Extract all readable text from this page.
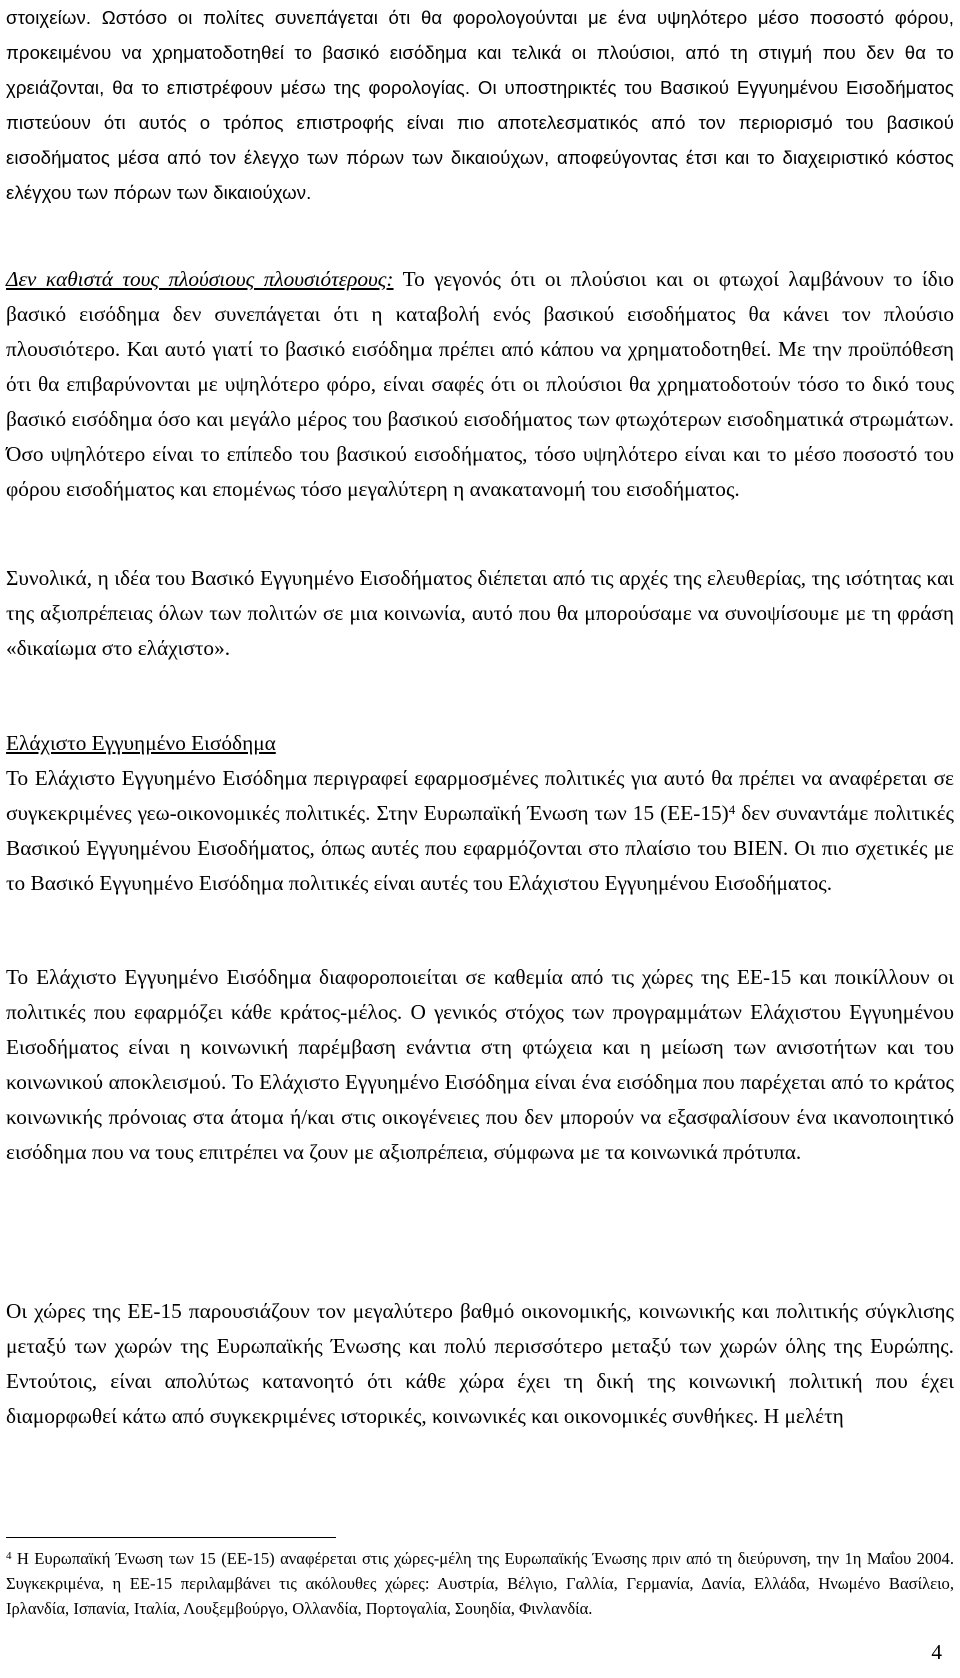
στοιχείων. Ωστόσο οι πολίτες συνεπάγεται ότι θα φορολογούνται με ένα υψηλότερο μέσο ποσοστό φόρου, προκειμένου να χρηματοδοτηθεί το βασικό εισόδημα και τελικά οι πλούσιοι, από τη στιγμή που δεν θα το χρειάζονται, θα το επιστρέφουν μέσω της φορολογίας. Οι υποστηρικτές του Βασικού Εγγυημένου Εισοδήματος πιστεύουν ότι αυτός ο τρόπος επιστροφής είναι πιο αποτελεσματικός από τον περιορισμό του βασικού εισοδήματος μέσα από τον έλεγχο των πόρων των δικαιούχων, αποφεύγοντας έτσι και το διαχειριστικό κόστος ελέγχου των πόρων των δικαιούχων.

Δεν καθιστά τους πλούσιους πλουσιότερους: Το γεγονός ότι οι πλούσιοι και οι φτωχοί λαμβάνουν το ίδιο βασικό εισόδημα δεν συνεπάγεται ότι η καταβολή ενός βασικού εισοδήματος θα κάνει τον πλούσιο πλουσιότερο. Και αυτό γιατί το βασικό εισόδημα πρέπει από κάπου να χρηματοδοτηθεί. Με την προϋπόθεση ότι θα επιβαρύνονται με υψηλότερο φόρο, είναι σαφές ότι οι πλούσιοι θα χρηματοδοτούν τόσο το δικό τους βασικό εισόδημα όσο και μεγάλο μέρος του βασικού εισοδήματος των φτωχότερων εισοδηματικά στρωμάτων. Όσο υψηλότερο είναι το επίπεδο του βασικού εισοδήματος, τόσο υψηλότερο είναι και το μέσο ποσοστό του φόρου εισοδήματος και επομένως τόσο μεγαλύτερη η ανακατανομή του εισοδήματος.

Συνολικά, η ιδέα του Βασικό Εγγυημένο Εισοδήματος διέπεται από τις αρχές της ελευθερίας, της ισότητας και της αξιοπρέπειας όλων των πολιτών σε μια κοινωνία, αυτό που θα μπορούσαμε να συνοψίσουμε με τη φράση «δικαίωμα στο ελάχιστο».

Ελάχιστο Εγγυημένο Εισόδημα

Το Ελάχιστο Εγγυημένο Εισόδημα περιγραφεί εφαρμοσμένες πολιτικές για αυτό θα πρέπει να αναφέρεται σε συγκεκριμένες γεω-οικονομικές πολιτικές. Στην Ευρωπαϊκή Ένωση των 15 $(EE-15)^4$ δεν συναντάμε πολιτικές Βασικού Εγγυημένου Εισοδήματος, όπως αυτές που εφαρμόζονται στο πλαίσιο του BIEN. Οι πιο σχετικές με το Βασικό Εγγυημένο Εισόδημα πολιτικές είναι αυτές του Ελάχιστου Εγγυημένου Εισοδήματος.

Το Ελάχιστο Εγγυημένο Εισόδημα διαφοροποιείται σε καθεμία από τις χώρες της ΕΕ-15 και ποικίλλουν οι πολιτικές που εφαρμόζει κάθε κράτος-μέλος. Ο γενικός στόχος των προγραμμάτων Ελάχιστου Εγγυημένου Εισοδήματος είναι η κοινωνική παρέμβαση ενάντια στη φτώχεια και η μείωση των ανισοτήτων και του κοινωνικού αποκλεισμού. Το Ελάχιστο Εγγυημένο Εισόδημα είναι ένα εισόδημα που παρέχεται από το κράτος κοινωνικής πρόνοιας στα άτομα ή/και στις οικογένειες που δεν μπορούν να εξασφαλίσουν ένα ικανοποιητικό εισόδημα που να τους επιτρέπει να ζουν με αξιοπρέπεια, σύμφωνα με τα κοινωνικά πρότυπα.

Οι χώρες της ΕΕ-15 παρουσιάζουν τον μεγαλύτερο βαθμό οικονομικής, κοινωνικής και πολιτικής σύγκλισης μεταξύ των χωρών της Ευρωπαϊκής Ένωσης και πολύ περισσότερο μεταξύ των χωρών όλης της Ευρώπης. Εντούτοις, είναι απολύτως κατανοητό ότι κάθε χώρα έχει τη δική της κοινωνική πολιτική που έχει διαμορφωθεί κάτω από συγκεκριμένες ιστορικές, κοινωνικές και οικονομικές συνθήκες. Η μελέτη

$^4$ Η Ευρωπαϊκή Ένωση των 15 (ΕΕ-15) αναφέρεται στις χώρες-μέλη της Ευρωπαϊκής Ένωσης πριν από τη διεύρυνση, την 1η Μαΐου 2004. Συγκεκριμένα, η ΕΕ-15 περιλαμβάνει τις ακόλουθες χώρες: Αυστρία, Βέλγιο, Γαλλία, Γερμανία, Δανία, Ελλάδα, Ηνωμένο Βασίλειο, Ιρλανδία, Ισπανία, Ιταλία, Λουξεμβούργο, Ολλανδία, Πορτογαλία, Σουηδία, Φινλανδία.

4
